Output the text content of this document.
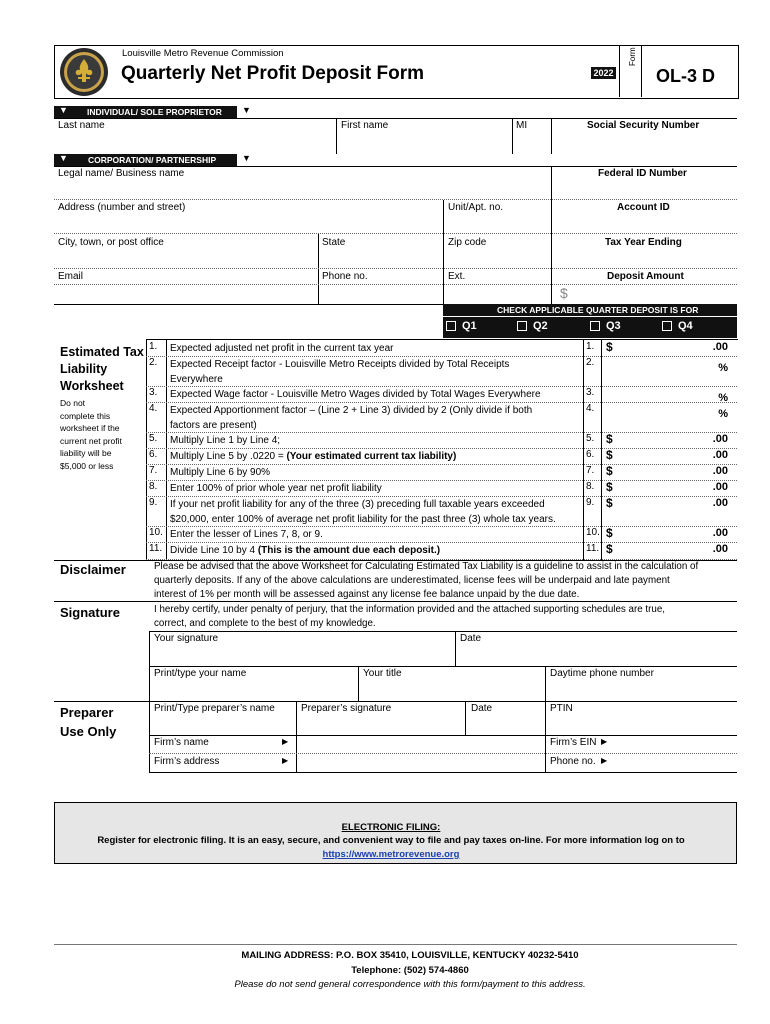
Louisville Metro Revenue Commission
Quarterly Net Profit Deposit Form	2022
Form
OL-3 D
▼ INDIVIDUAL/ SOLE PROPRIETOR ▼
Last name	First name	MI	Social Security Number
▼ CORPORATION/ PARTNERSHIP	▼
Legal name/ Business name	Federal ID Number
Address (number and street)	Unit/Apt. no.	Account ID
City, town, or post office	State	Zip code	Tax Year Ending
Email	Phone no.	Ext.	Deposit Amount
$
CHECK APPLICABLE QUARTER DEPOSIT IS FOR
Q1	Q2	Q3	Q4
Estimated Tax
Liability
Worksheet
Do not
complete this
worksheet if the
current net profit
liability will be
$5,000 or less
1. Expected adjusted net profit in the current tax year	1. $	.00
2. Expected Receipt factor - Louisville Metro Receipts divided by Total Receipts
Everywhere
2.	%
3. Expected Wage factor - Louisville Metro Wages divided by Total Wages Everywhere	3.	%
4. Expected Apportionment factor – (Line 2 + Line 3) divided by 2 (Only divide if both
factors are present)
4.	%
5. Multiply Line 1 by Line 4;	5. $	.00
6. Multiply Line 5 by .0220 = (Your estimated current tax liability)	6. $	.00
7. Multiply Line 6 by 90%	7. $	.00
8. Enter 100% of prior whole year net profit liability	8. $	.00
9. If your net profit liability for any of the three (3) preceding full taxable years exceeded
$20,000, enter 100% of average net profit liability for the past three (3) whole tax years.
9. $	.00
10. Enter the lesser of Lines 7, 8, or 9.	10. $	.00
11. Divide Line 10 by 4 (This is the amount due each deposit.)	11. $	.00
Disclaimer	Please be advised that the above Worksheet for Calculating Estimated Tax Liability is a guideline to assist in the calculation of
quarterly deposits. If any of the above calculations are underestimated, license fees will be underpaid and late payment
interest of 1% per month will be assessed against any license fee balance unpaid by the due date.
Signature	I hereby certify, under penalty of perjury, that the information provided and the attached supporting schedules are true,
correct, and complete to the best of my knowledge.
Your signature	Date
Print/type your name	Your title	Daytime phone number
Preparer
Use Only
Print/Type preparer’s name	Preparer’s signature	Date	PTIN
Firm’s name	▶	Firm’s EIN ▶
Firm’s address	▶	Phone no. ▶
ELECTRONIC FILING:
Register for electronic filing. It is an easy, secure, and convenient way to file and pay taxes on-line. For more information log on to
https://www.metrorevenue.org
MAILING ADDRESS: P.O. BOX 35410, LOUISVILLE, KENTUCKY 40232-5410
Telephone: (502) 574-4860
Please do not send general correspondence with this form/payment to this address.
